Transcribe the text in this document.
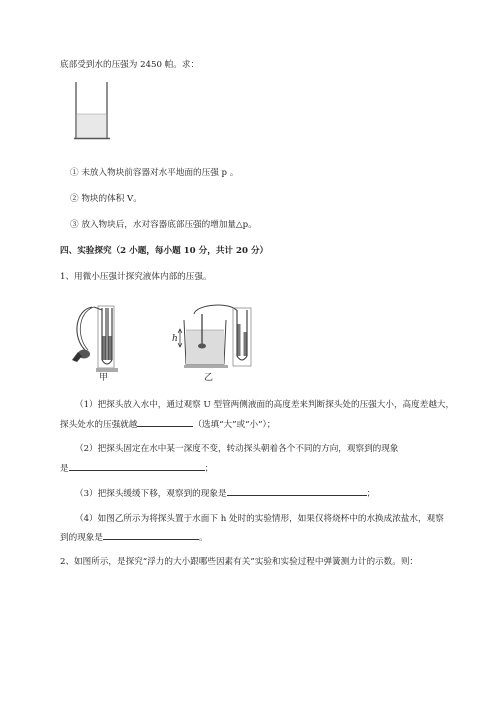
底部受到水的压强为 2450 帕。求：
① 未放入物块前容器对水平地面的压强 p 。
② 物块的体积 V。
③ 放入物块后，水对容器底部压强的增加量△p。
四、实验探究（2 小题，每小题 10 分，共计 20 分）
1、用微小压强计探究液体内部的压强。
甲
h
乙
（1）把探头放入水中，通过观察 U 型管两侧液面的高度差来判断探头处的压强大小，高度差越大，
探头处水的压强就越	（选填“大”或“小”）；
（2）把探头固定在水中某一深度不变，转动探头朝着各个不同的方向，观察到的现象
是	；
（3）把探头缓缓下移，观察到的现象是	；
（4）如图乙所示为将探头置于水面下 h 处时的实验情形，如果仅将烧杯中的水换成浓盐水，观察
到的现象是	。
2、如图所示，是探究“浮力的大小跟哪些因素有关”实验和实验过程中弹簧测力计的示数。则：
